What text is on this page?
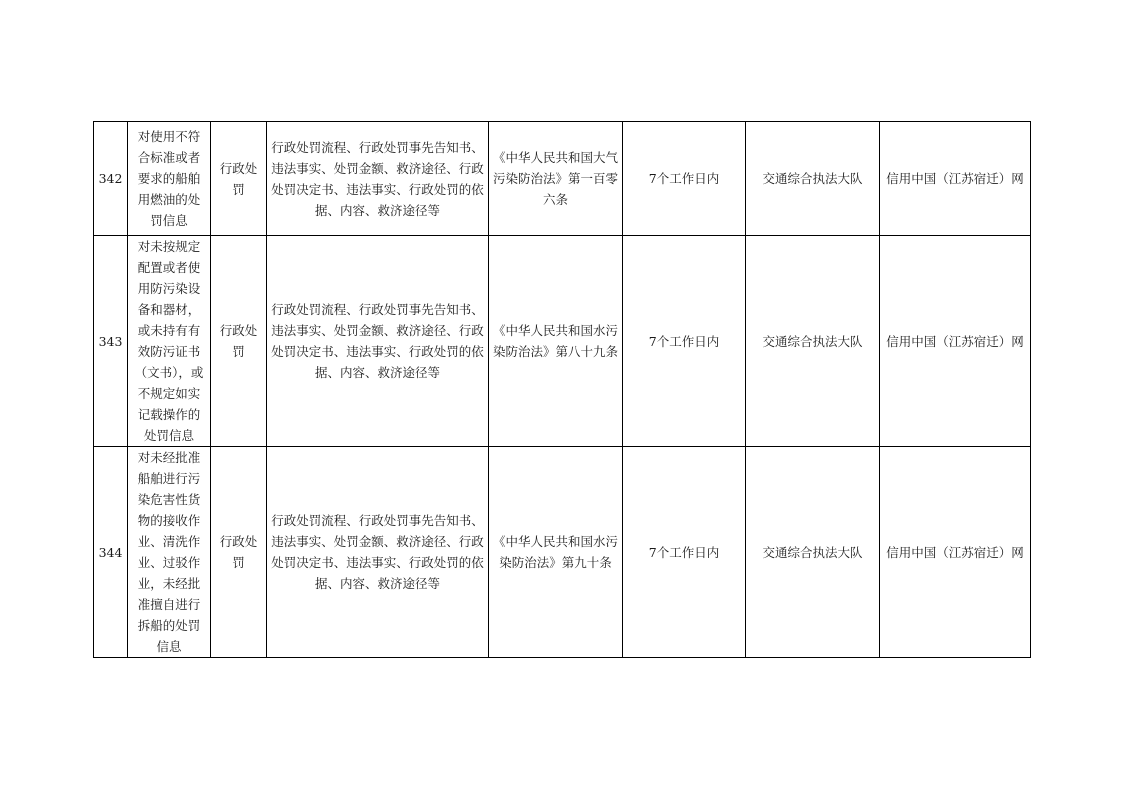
342	对使用不符合标准或者要求的船舶用燃油的处罚信息	行政处罚	行政处罚流程、行政处罚事先告知书、违法事实、处罚金额、救济途径、行政处罚决定书、违法事实、行政处罚的依据、内容、救济途径等	《中华人民共和国大气污染防治法》第一百零六条	7个工作日内	交通综合执法大队	信用中国（江苏宿迁）网
343	对未按规定配置或者使用防污染设备和器材，或未持有有效防污证书（文书），或不规定如实记载操作的处罚信息	行政处罚	行政处罚流程、行政处罚事先告知书、违法事实、处罚金额、救济途径、行政处罚决定书、违法事实、行政处罚的依据、内容、救济途径等	《中华人民共和国水污染防治法》第八十九条	7个工作日内	交通综合执法大队	信用中国（江苏宿迁）网
344	对未经批准船舶进行污染危害性货物的接收作业、清洗作业、过驳作业，未经批准擅自进行拆船的处罚信息	行政处罚	行政处罚流程、行政处罚事先告知书、违法事实、处罚金额、救济途径、行政处罚决定书、违法事实、行政处罚的依据、内容、救济途径等	《中华人民共和国水污染防治法》第九十条	7个工作日内	交通综合执法大队	信用中国（江苏宿迁）网
